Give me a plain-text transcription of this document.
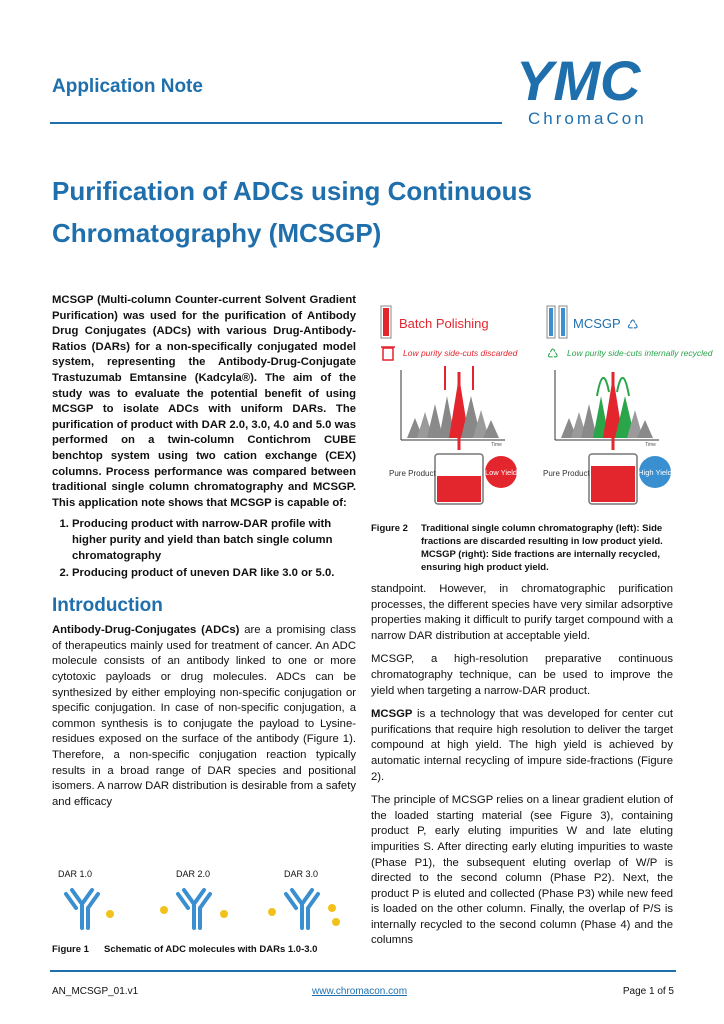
Application Note	YMC
ChromaCon
Purification of ADCs using Continuous
Chromatography (MCSGP)

MCSGP (Multi-column Counter-current Solvent Gradient Purification) was used for the purification of Antibody Drug Conjugates (ADCs) with various Drug-Antibody-Ratios (DARs) for a non-specifically conjugated model system, representing the Antibody-Drug-Conjugate Trastuzumab Emtansine (Kadcyla®). The aim of the study was to evaluate the potential benefit of using MCSGP to isolate ADCs with uniform DARs. The purification of product with DAR 2.0, 3.0, 4.0 and 5.0 was performed on a twin-column Contichrom CUBE benchtop system using two cation exchange (CEX) columns. Process performance was compared between traditional single column chromatography and MCSGP. This application note shows that MCSGP is capable of:

1. Producing product with narrow-DAR profile with higher purity and yield than batch single column chromatography
2. Producing product of uneven DAR like 3.0 or 5.0.
Introduction

Antibody-Drug-Conjugates (ADCs) are a promising class of therapeutics mainly used for treatment of cancer. An ADC molecule consists of an antibody linked to one or more cytotoxic payloads or drug molecules. ADCs can be synthesized by either employing non-specific conjugation or specific conjugation. In case of non-specific conjugation, a common synthesis is to conjugate the payload to Lysine-residues exposed on the surface of the antibody (Figure 1). Therefore, a non-specific conjugation reaction typically results in a broad range of DAR species and positional isomers. A narrow DAR distribution is desirable from a safety and efficacy

DAR 1.0	DAR 2.0	DAR 3.0
Figure 1 Schematic of ADC molecules with DARs 1.0-3.0
Batch Polishing
Low purity side-cuts discarded
Time
Pure Product	Low Yield
MCSGP ♺
♺ Low purity side-cuts internally recycled
Time
Pure Product	High Yield
Figure 2 Traditional single column chromatography (left): Side fractions are discarded resulting in low product yield. MCSGP (right): Side fractions are internally recycled, ensuring high product yield.

standpoint. However, in chromatographic purification processes, the different species have very similar adsorptive properties making it difficult to purify target compound with a narrow DAR distribution at acceptable yield.

MCSGP, a high-resolution preparative continuous chromatography technique, can be used to improve the yield when targeting a narrow-DAR product.

MCSGP is a technology that was developed for center cut purifications that require high resolution to deliver the target compound at high yield. The high yield is achieved by automatic internal recycling of impure side-fractions (Figure 2).

The principle of MCSGP relies on a linear gradient elution of the loaded starting material (see Figure 3), containing product P, early eluting impurities W and late eluting impurities S. After directing early eluting impurities to waste (Phase P1), the subsequent eluting overlap of W/P is directed to the second column (Phase P2). Next, the product P is eluted and collected (Phase P3) while new feed is loaded on the other column. Finally, the overlap of P/S is internally recycled to the second column (Phase 4) and the columns

AN_MCSGP_01.v1	www.chromacon.com	Page 1 of 5
